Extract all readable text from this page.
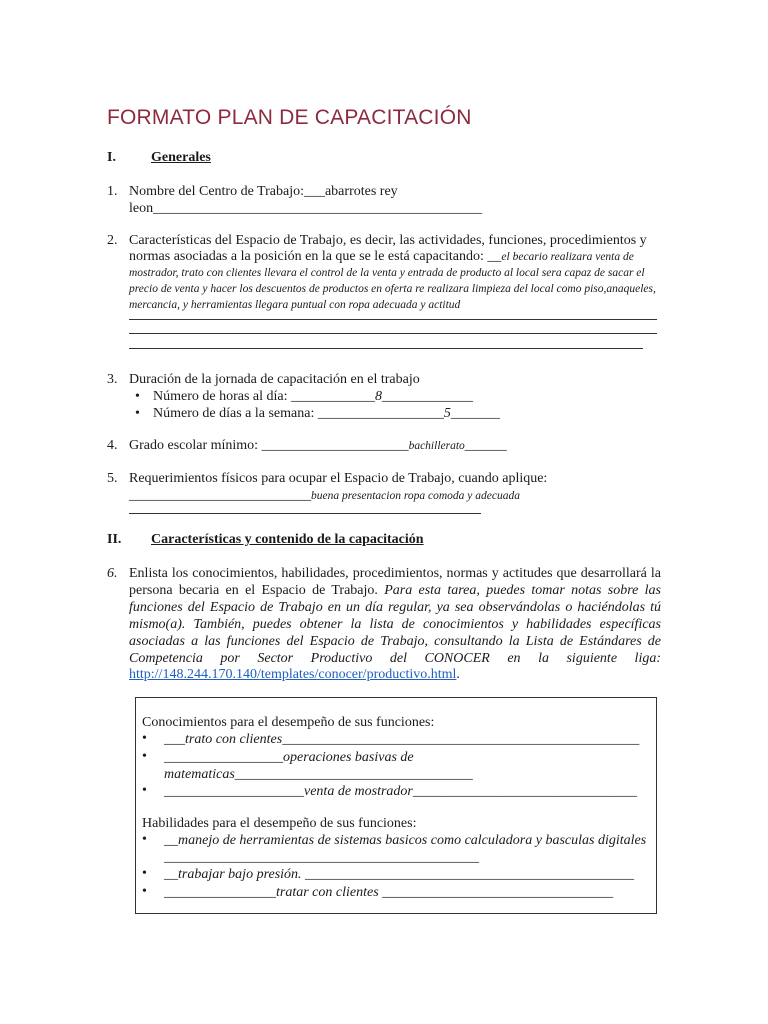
FORMATO PLAN DE CAPACITACIÓN
I.	Generales
1. Nombre del Centro de Trabajo:___abarrotes rey
leon_______________________________________________
2. Características del Espacio de Trabajo, es decir, las actividades, funciones, procedimientos y
normas asociadas a la posición en la que se le está capacitando: __el becario realizara venta de mostrador, trato con clientes llevara el control de la venta y entrada de producto al local sera capaz de sacar el precio de venta y hacer los descuentos de productos en oferta re realizara limpieza del local como piso,anaqueles, mercancia, y herramientas llegara puntual con ropa adecuada y actitud
3. Duración de la jornada de capacitación en el trabajo
• Número de horas al día: ____________8_____________
• Número de días a la semana: __________________5_______
4. Grado escolar mínimo: _____________________bachillerato______
5. Requerimientos físicos para ocupar el Espacio de Trabajo, cuando aplique:
__________________________buena presentacion ropa comoda y adecuada
II. Características y contenido de la capacitación
6. Enlista los conocimientos, habilidades, procedimientos, normas y actitudes que desarrollará la persona becaria en el Espacio de Trabajo. Para esta tarea, puedes tomar notas sobre las funciones del Espacio de Trabajo en un día regular, ya sea observándolas o haciéndolas tú mismo(a). También, puedes obtener la lista de conocimientos y habilidades específicas asociadas a las funciones del Espacio de Trabajo, consultando la Lista de Estándares de Competencia por Sector Productivo del CONOCER en la siguiente liga:
http://148.244.170.140/templates/conocer/productivo.html.
Conocimientos para el desempeño de sus funciones:
• ___trato con clientes___________________________________________________
• _________________operaciones basivas de
matematicas__________________________________
• ____________________venta de mostrador________________________________
Habilidades para el desempeño de sus funciones:
• __manejo de herramientas de sistemas basicos como calculadora y basculas digitales
_____________________________________________
• __trabajar bajo presión. _______________________________________________
• ________________tratar con clientes _________________________________
